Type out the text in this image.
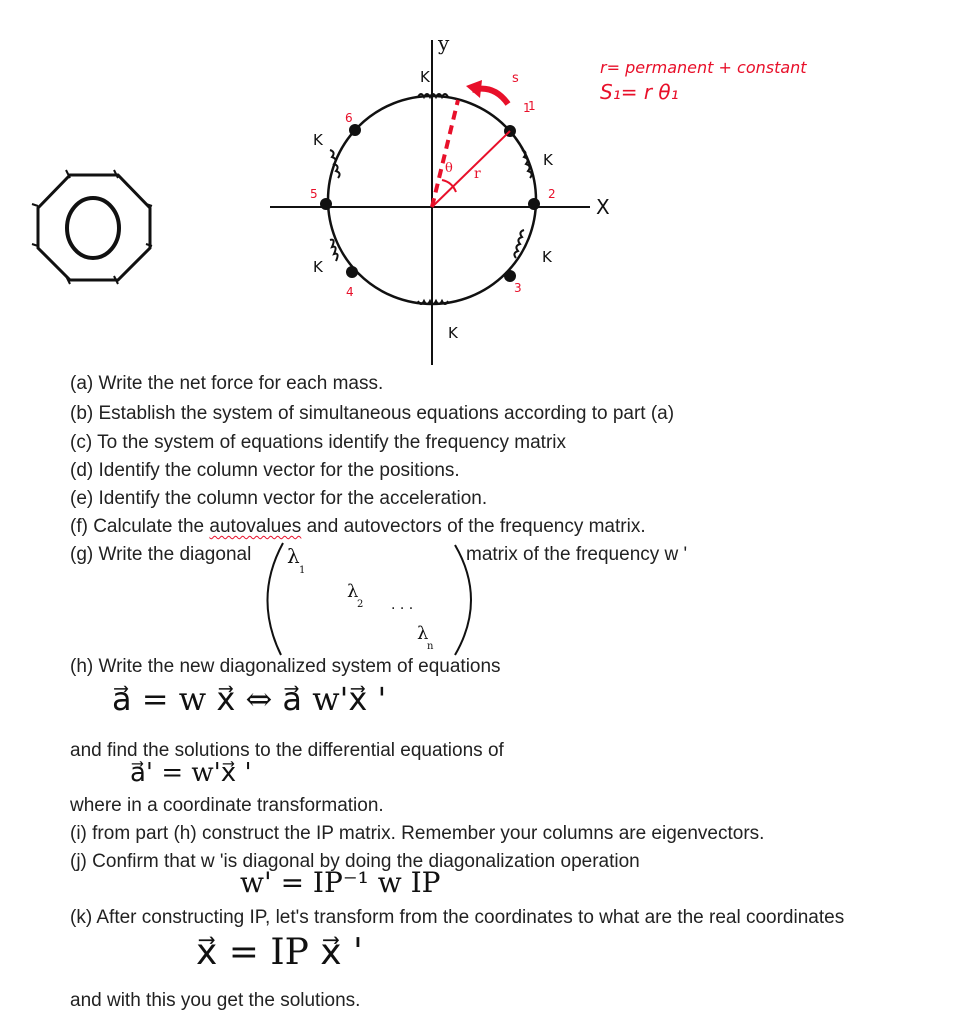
y
X
K
K
K
K
K
K
1
2
3
4
5
6
r
θ
s
1
r= permanent + constant
S₁= r θ₁
(a) Write the net force for each mass.
(b) Establish the system of simultaneous equations according to part (a)
(c) To the system of equations identify the frequency matrix
(d) Identify the column vector for the positions.
(e) Identify the column vector for the acceleration.
(f) Calculate the autovalues and autovectors of the frequency matrix.
(g) Write the diagonal	matrix of the frequency w '
λ
1
λ
2 · · ·
λ
n
(h) Write the new diagonalized system of equations
a⃗ = w x⃗ ⇔ a⃗ w'x⃗ '
and find the solutions to the differential equations of
a⃗' = w'x⃗ '
where in a coordinate transformation.
(i) from part (h) construct the IP matrix. Remember your columns are eigenvectors.
(j) Confirm that w 'is diagonal by doing the diagonalization operation
w' = IP⁻¹ w IP
(k) After constructing IP, let's transform from the coordinates to what are the real coordinates
x⃗ = IP x⃗ '
and with this you get the solutions.
